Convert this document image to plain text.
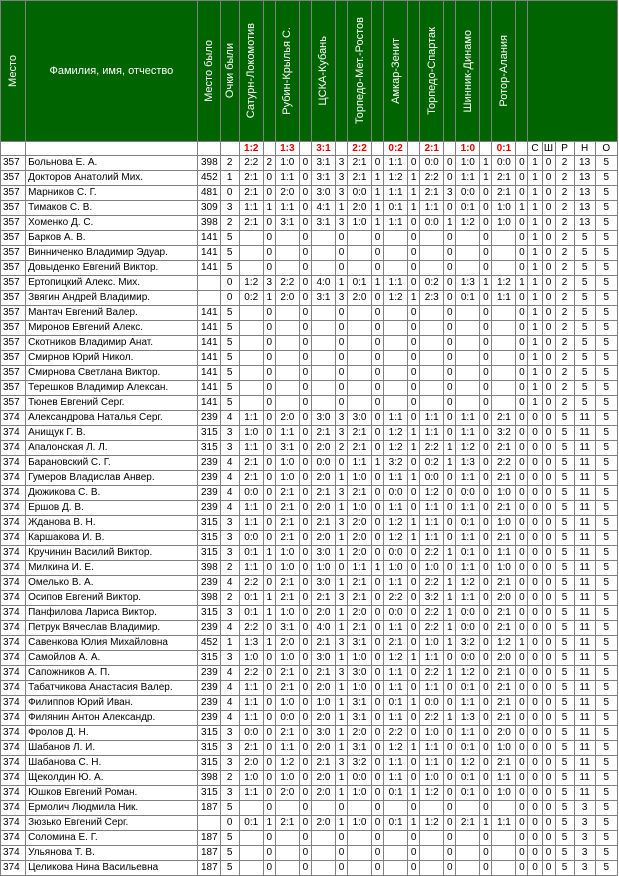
Место	Фамилия, имя, отчество	Место было	Очки были	Сатурн-Локомотив		Рубин-Крылья С.		ЦСКА-Кубань		Торпедо-Мет.-Ростов		Амкар-Зенит		Торпедо-Спартак		Шинник-Динамо		Ротор-Алания						

				1:2		1:3		3:1		2:2		0:2		2:1		1:0		0:1		С	Ш	Р	Н	О
357	Больнова Е. А.	398	2	2:2	2	1:0	0	3:1	3	2:1	0	1:1	0	0:0	0	1:0	1	0:0	0	1	0	2	13	5
357	Докторов Анатолий Мих.	452	1	2:1	0	1:1	0	3:1	3	2:1	1	1:2	1	2:2	0	1:1	1	2:1	0	1	0	2	13	5
357	Марников С. Г.	481	0	2:1	0	2:0	0	3:0	3	0:0	1	1:1	1	2:1	3	0:0	0	2:1	0	1	0	2	13	5
357	Тимаков С. В.	309	3	1:1	1	1:1	0	4:1	1	2:0	1	0:1	1	1:1	0	0:1	0	1:0	1	1	0	2	13	5
357	Хоменко Д. С.	398	2	2:1	0	3:1	0	3:1	3	1:0	1	1:1	0	0:0	1	1:2	0	1:0	0	1	0	2	13	5
357	Барков А. В.	141	5		0		0		0		0		0		0		0		0	1	0	2	5	5
357	Винниченко Владимир Эдуар.	141	5		0		0		0		0		0		0		0		0	1	0	2	5	5
357	Довыденко Евгений Виктор.	141	5		0		0		0		0		0		0		0		0	1	0	2	5	5
357	Ертопицкий Алекс. Мих.		0	1:2	3	2:2	0	4:0	1	0:1	1	1:1	0	0:2	0	1:3	1	1:2	1	1	0	2	5	5
357	Звягин Андрей Владимир.		0	0:2	1	2:0	0	3:1	3	2:0	0	1:2	1	2:3	0	0:1	0	1:1	0	1	0	2	5	5
357	Мантач Евгений Валер.	141	5		0		0		0		0		0		0		0		0	1	0	2	5	5
357	Миронов Евгений Алекс.	141	5		0		0		0		0		0		0		0		0	1	0	2	5	5
357	Скотников Владимир Анат.	141	5		0		0		0		0		0		0		0		0	1	0	2	5	5
357	Смирнов Юрий Никол.	141	5		0		0		0		0		0		0		0		0	1	0	2	5	5
357	Смирнова Светлана Виктор.	141	5		0		0		0		0		0		0		0		0	1	0	2	5	5
357	Терешков Владимир Алексан.	141	5		0		0		0		0		0		0		0		0	1	0	2	5	5
357	Тюнев Евгений Серг.	141	5		0		0		0		0		0		0		0		0	1	0	2	5	5
374	Александрова Наталья Серг.	239	4	1:1	0	2:0	0	3:0	3	3:0	0	1:1	0	1:1	0	1:1	0	2:1	0	0	0	5	11	5
374	Анищук Г. В.	315	3	1:0	0	1:1	0	2:1	3	2:1	0	1:2	1	1:1	0	1:1	0	3:2	0	0	0	5	11	5
374	Апалонская Л. Л.	315	3	1:1	0	3:1	0	2:0	2	2:1	0	1:2	1	2:2	1	1:2	0	2:1	0	0	0	5	11	5
374	Барановский С. Г.	239	4	2:1	0	1:0	0	0:0	0	1:1	1	3:2	0	0:2	1	1:3	0	2:2	0	0	0	5	11	5
374	Гумеров Владислав Анвер.	239	4	2:1	0	1:0	0	2:0	1	1:0	0	1:1	1	0:0	0	1:1	0	2:1	0	0	0	5	11	5
374	Дюжикова С. В.	239	4	0:0	0	2:1	0	2:1	3	2:1	0	0:0	0	1:2	0	0:0	0	1:0	0	0	0	5	11	5
374	Ершов Д. В.	239	4	1:1	0	2:1	0	2:0	1	1:0	0	1:1	0	1:1	0	1:1	0	2:1	0	0	0	5	11	5
374	Жданова В. Н.	315	3	1:1	0	2:1	0	2:1	3	2:0	0	1:2	1	1:1	0	0:1	0	1:0	0	0	0	5	11	5
374	Каршакова И. В.	315	3	0:0	0	2:1	0	2:0	1	2:0	0	1:2	1	1:1	0	1:1	0	2:1	0	0	0	5	11	5
374	Кручинин Василий Виктор.	315	3	0:1	1	1:0	0	3:0	1	2:0	0	0:0	0	2:2	1	0:1	0	1:1	0	0	0	5	11	5
374	Милкина И. Е.	398	2	1:1	0	1:0	0	1:0	0	1:1	1	1:0	0	1:0	0	1:1	0	1:0	0	0	0	5	11	5
374	Омелько В. А.	239	4	2:2	0	2:1	0	3:0	1	2:1	0	1:1	0	2:2	1	1:2	0	2:1	0	0	0	5	11	5
374	Осипов Евгений Виктор.	398	2	0:1	1	2:1	0	2:1	3	2:1	0	2:2	0	3:2	1	1:1	0	2:0	0	0	0	5	11	5
374	Панфилова Лариса Виктор.	315	3	0:1	1	1:0	0	2:0	1	2:0	0	0:0	0	2:2	1	0:0	0	2:1	0	0	0	5	11	5
374	Петрук Вячеслав Владимир.	239	4	2:2	0	3:1	0	4:0	1	2:1	0	1:1	0	2:2	1	0:0	0	2:1	0	0	0	5	11	5
374	Савенкова Юлия Михайловна	452	1	1:3	1	2:0	0	2:1	3	3:1	0	2:1	0	1:0	1	3:2	0	1:2	1	0	0	5	11	5
374	Самойлов А. А.	315	3	1:0	0	1:0	0	3:0	1	1:0	0	1:2	1	1:1	0	0:0	0	2:0	0	0	0	5	11	5
374	Сапожников А. П.	239	4	2:2	0	2:1	0	2:1	3	3:0	0	1:1	0	2:2	1	1:2	0	2:1	0	0	0	5	11	5
374	Табатчикова Анастасия Валер.	239	4	1:1	0	2:1	0	2:0	1	1:0	0	1:1	0	1:1	0	0:1	0	2:1	0	0	0	5	11	5
374	Филиппов Юрий Иван.	239	4	1:1	0	1:0	0	1:0	1	3:1	0	0:1	1	0:0	0	1:1	0	2:1	0	0	0	5	11	5
374	Филянин Антон Александр.	239	4	1:1	0	0:0	0	2:0	1	3:1	0	1:1	0	2:2	1	1:3	0	2:1	0	0	0	5	11	5
374	Фролов Д. Н.	315	3	0:0	0	2:1	0	3:0	1	2:0	0	2:2	0	1:0	0	1:1	0	2:0	0	0	0	5	11	5
374	Шабанов Л. И.	315	3	2:1	0	1:1	0	2:0	1	3:1	0	1:2	1	1:1	0	0:1	0	1:0	0	0	0	5	11	5
374	Шабанова С. Н.	315	3	2:0	0	1:2	0	2:1	3	3:2	0	1:1	0	1:1	0	1:2	0	2:1	0	0	0	5	11	5
374	Щеколдин Ю. А.	398	2	1:0	0	1:0	0	2:0	1	0:0	0	1:1	0	1:0	0	0:1	0	1:1	0	0	0	5	11	5
374	Юшков Евгений Роман.	315	3	1:1	0	2:0	0	2:0	1	1:0	0	0:1	1	1:2	0	0:1	0	1:0	0	0	0	5	11	5
374	Ермолич Людмила Ник.	187	5		0		0		0		0		0		0		0		0	0	0	5	3	5
374	Зюзько Евгений Серг.		0	0:1	1	2:1	0	2:0	1	1:0	0	0:1	1	1:2	0	2:1	1	1:1	0	0	0	5	3	5
374	Соломина Е. Г.	187	5		0		0		0		0		0		0		0		0	0	0	5	3	5
374	Ульянова Т. В.	187	5		0		0		0		0		0		0		0		0	0	0	5	3	5
374	Целикова Нина Васильевна	187	5		0		0		0		0		0		0		0		0	0	0	5	3	5
